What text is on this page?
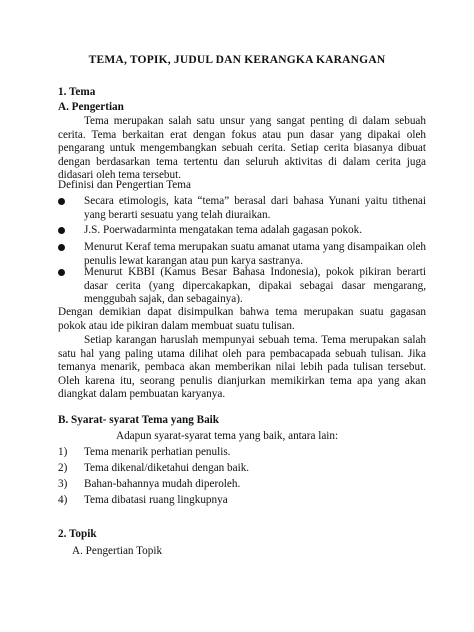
TEMA, TOPIK, JUDUL DAN KERANGKA KARANGAN
1. Tema
A. Pengertian
Tema merupakan salah satu unsur yang sangat penting di dalam sebuah cerita. Tema berkaitan erat dengan fokus atau pun dasar yang dipakai oleh pengarang untuk mengembangkan sebuah cerita. Setiap cerita biasanya dibuat dengan berdasarkan tema tertentu dan seluruh aktivitas di dalam cerita juga didasari oleh tema tersebut.
Definisi dan Pengertian Tema
Secara etimologis, kata “tema” berasal dari bahasa Yunani yaitu tithenai yang berarti sesuatu yang telah diuraikan.
J.S. Poerwadarminta mengatakan tema adalah gagasan pokok.
Menurut Keraf tema merupakan suatu amanat utama yang disampaikan oleh penulis lewat karangan atau pun karya sastranya.
Menurut KBBI (Kamus Besar Bahasa Indonesia), pokok pikiran berarti dasar cerita (yang dipercakapkan, dipakai sebagai dasar mengarang, menggubah sajak, dan sebagainya).
Dengan demikian dapat disimpulkan bahwa tema merupakan suatu gagasan pokok atau ide pikiran dalam membuat suatu tulisan.
Setiap karangan haruslah mempunyai sebuah tema. Tema merupakan salah satu hal yang paling utama dilihat oleh para pembacapada sebuah tulisan. Jika temanya menarik, pembaca akan memberikan nilai lebih pada tulisan tersebut. Oleh karena itu, seorang penulis dianjurkan memikirkan tema apa yang akan diangkat dalam pembuatan karyanya.
B. Syarat- syarat Tema yang Baik
Adapun syarat-syarat tema yang baik, antara lain:
1) Tema menarik perhatian penulis.
2) Tema dikenal/diketahui dengan baik.
3) Bahan-bahannya mudah diperoleh.
4) Tema dibatasi ruang lingkupnya
2. Topik
A. Pengertian Topik
